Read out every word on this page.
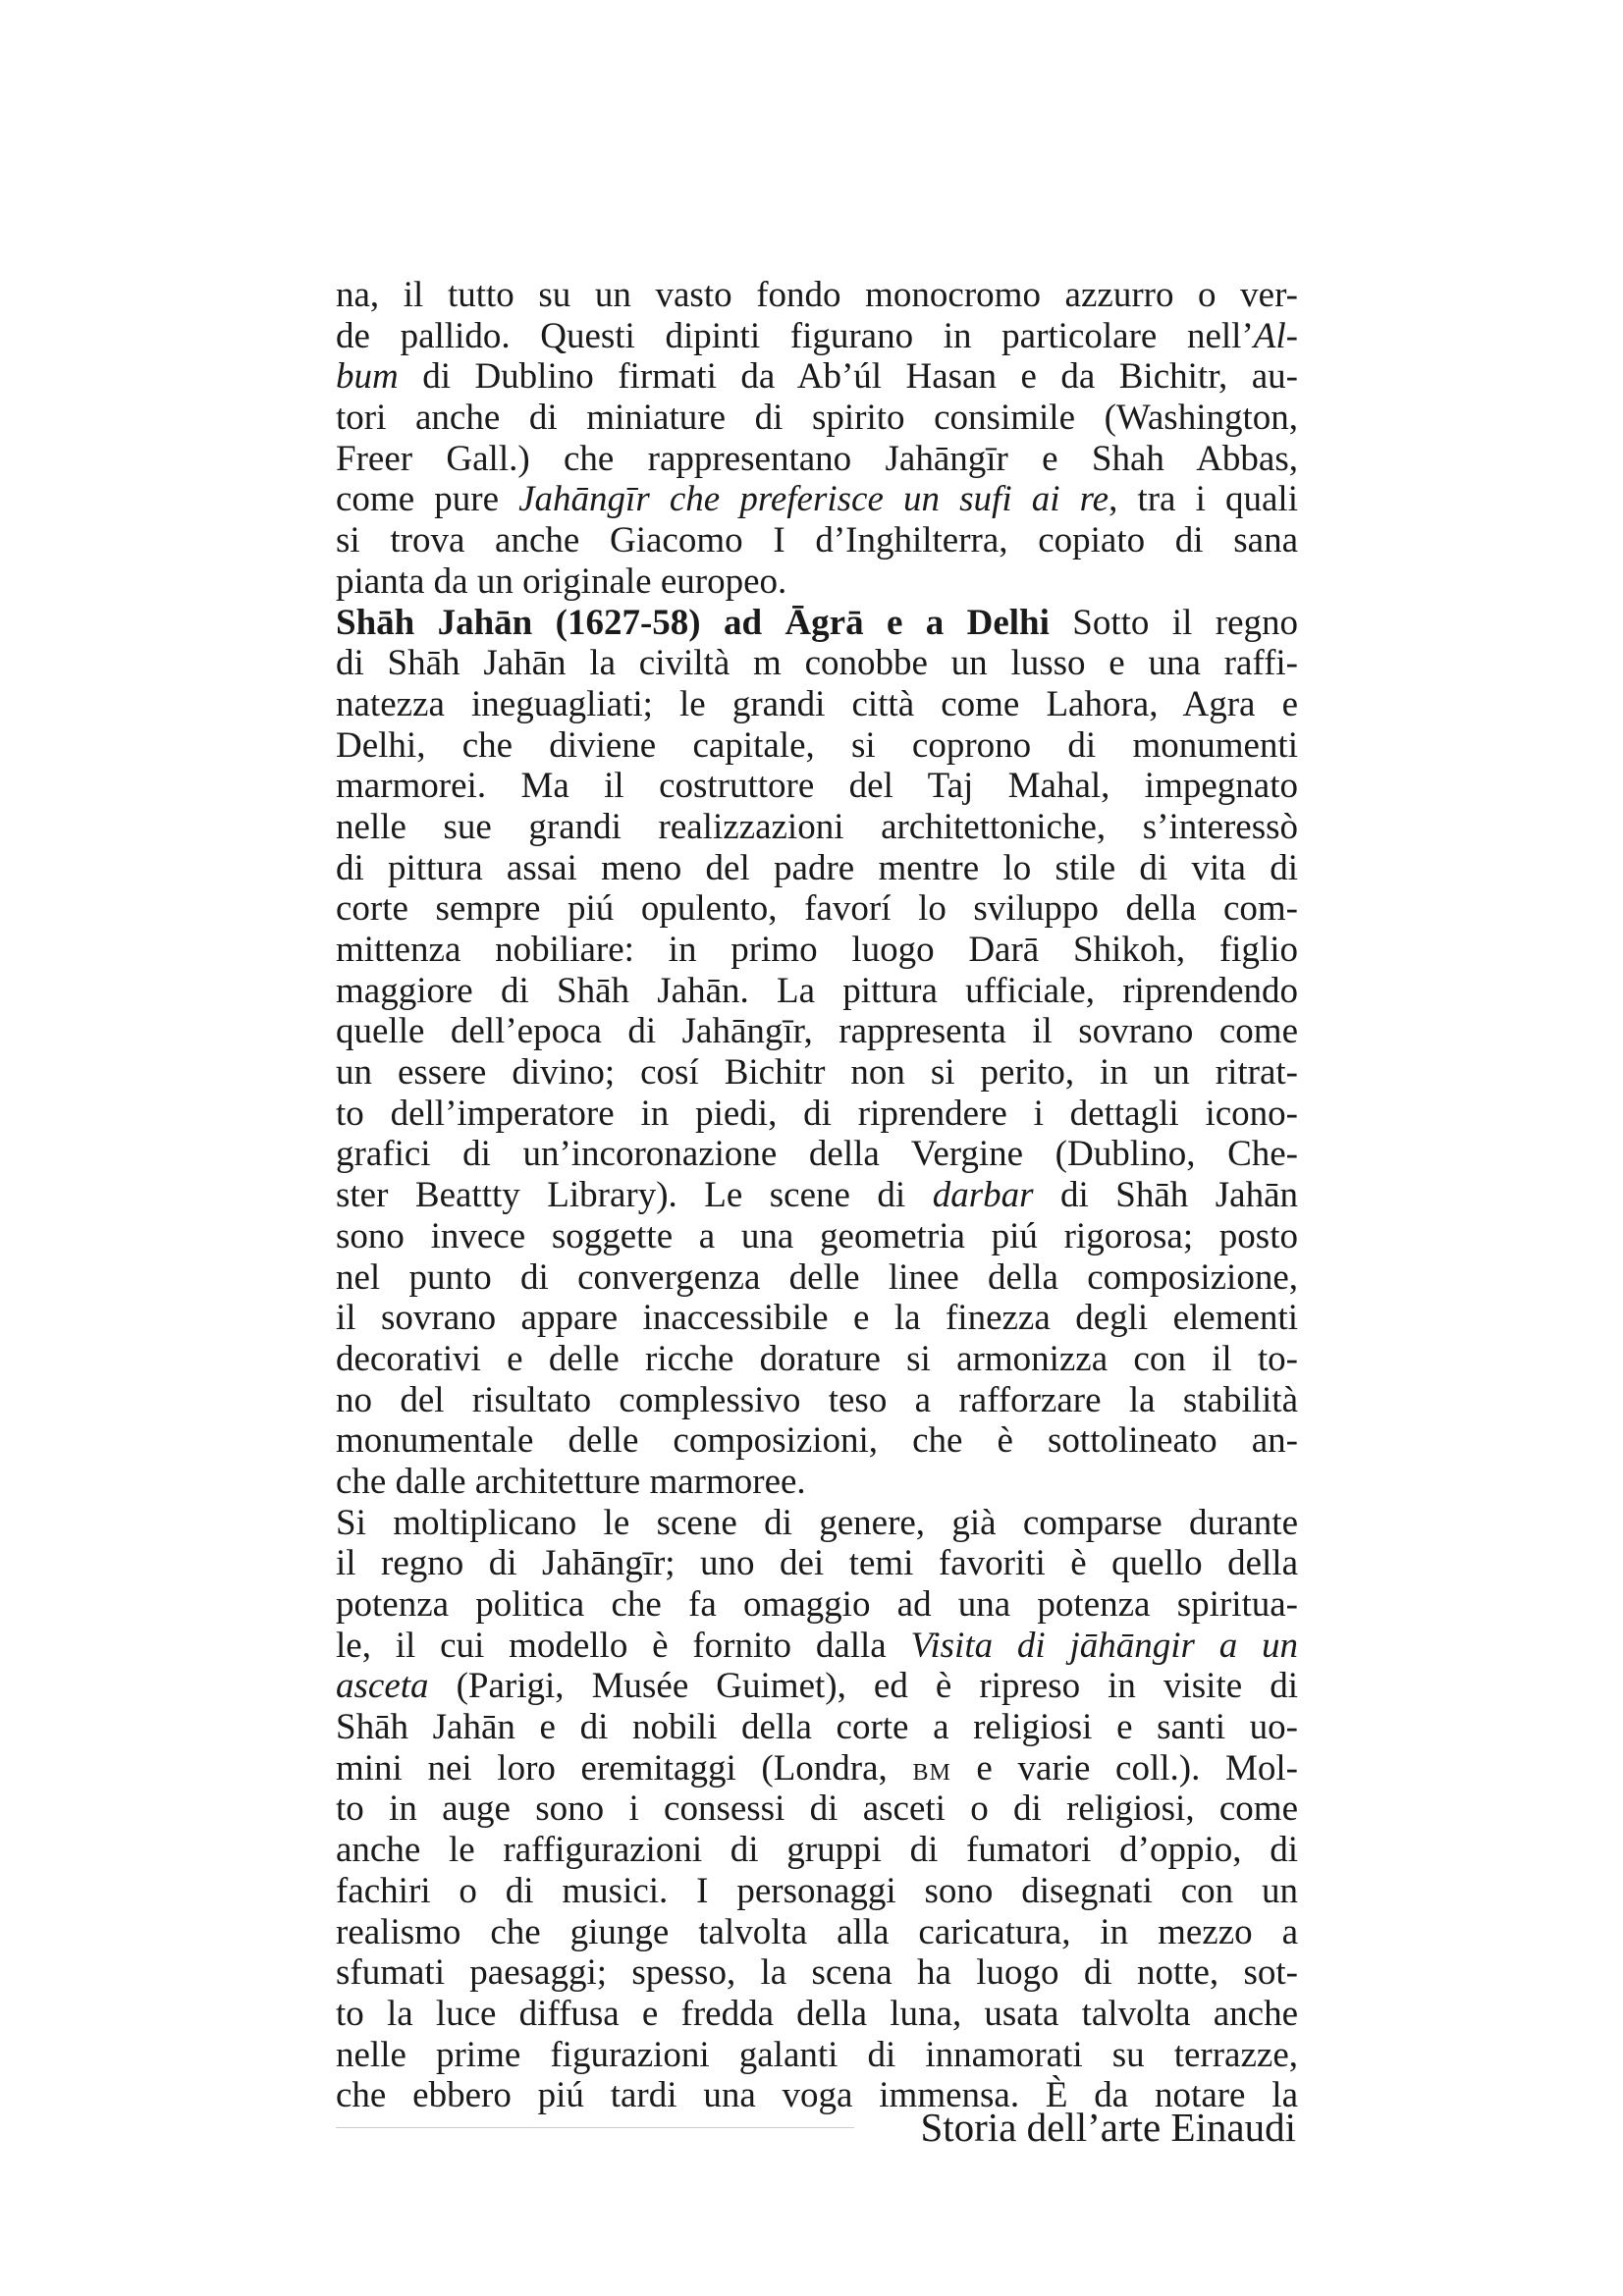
na, il tutto su un vasto fondo monocromo azzurro o ver-
de pallido. Questi dipinti figurano in particolare nell’Al-
bum di Dublino firmati da Ab’úl Hasan e da Bichitr, au-
tori anche di miniature di spirito consimile (Washington,
Freer Gall.) che rappresentano Jahāngīr e Shah Abbas,
come pure Jahāngīr che preferisce un sufi ai re, tra i quali
si trova anche Giacomo I d’Inghilterra, copiato di sana
pianta da un originale europeo.
Shāh Jahān (1627-58) ad Āgrā e a Delhi Sotto il regno
di Shāh Jahān la civiltà m conobbe un lusso e una raffi-
natezza ineguagliati; le grandi città come Lahora, Agra e
Delhi, che diviene capitale, si coprono di monumenti
marmorei. Ma il costruttore del Taj Mahal, impegnato
nelle sue grandi realizzazioni architettoniche, s’interessò
di pittura assai meno del padre mentre lo stile di vita di
corte sempre piú opulento, favorí lo sviluppo della com-
mittenza nobiliare: in primo luogo Darā Shikoh, figlio
maggiore di Shāh Jahān. La pittura ufficiale, riprendendo
quelle dell’epoca di Jahāngīr, rappresenta il sovrano come
un essere divino; cosí Bichitr non si perito, in un ritrat-
to dell’imperatore in piedi, di riprendere i dettagli icono-
grafici di un’incoronazione della Vergine (Dublino, Che-
ster Beattty Library). Le scene di darbar di Shāh Jahān
sono invece soggette a una geometria piú rigorosa; posto
nel punto di convergenza delle linee della composizione,
il sovrano appare inaccessibile e la finezza degli elementi
decorativi e delle ricche dorature si armonizza con il to-
no del risultato complessivo teso a rafforzare la stabilità
monumentale delle composizioni, che è sottolineato an-
che dalle architetture marmoree.
Si moltiplicano le scene di genere, già comparse durante
il regno di Jahāngīr; uno dei temi favoriti è quello della
potenza politica che fa omaggio ad una potenza spiritua-
le, il cui modello è fornito dalla Visita di jāhāngir a un
asceta (Parigi, Musée Guimet), ed è ripreso in visite di
Shāh Jahān e di nobili della corte a religiosi e santi uo-
mini nei loro eremitaggi (Londra, BM e varie coll.). Mol-
to in auge sono i consessi di asceti o di religiosi, come
anche le raffigurazioni di gruppi di fumatori d’oppio, di
fachiri o di musici. I personaggi sono disegnati con un
realismo che giunge talvolta alla caricatura, in mezzo a
sfumati paesaggi; spesso, la scena ha luogo di notte, sot-
to la luce diffusa e fredda della luna, usata talvolta anche
nelle prime figurazioni galanti di innamorati su terrazze,
che ebbero piú tardi una voga immensa. È da notare la
Storia dell’arte Einaudi
